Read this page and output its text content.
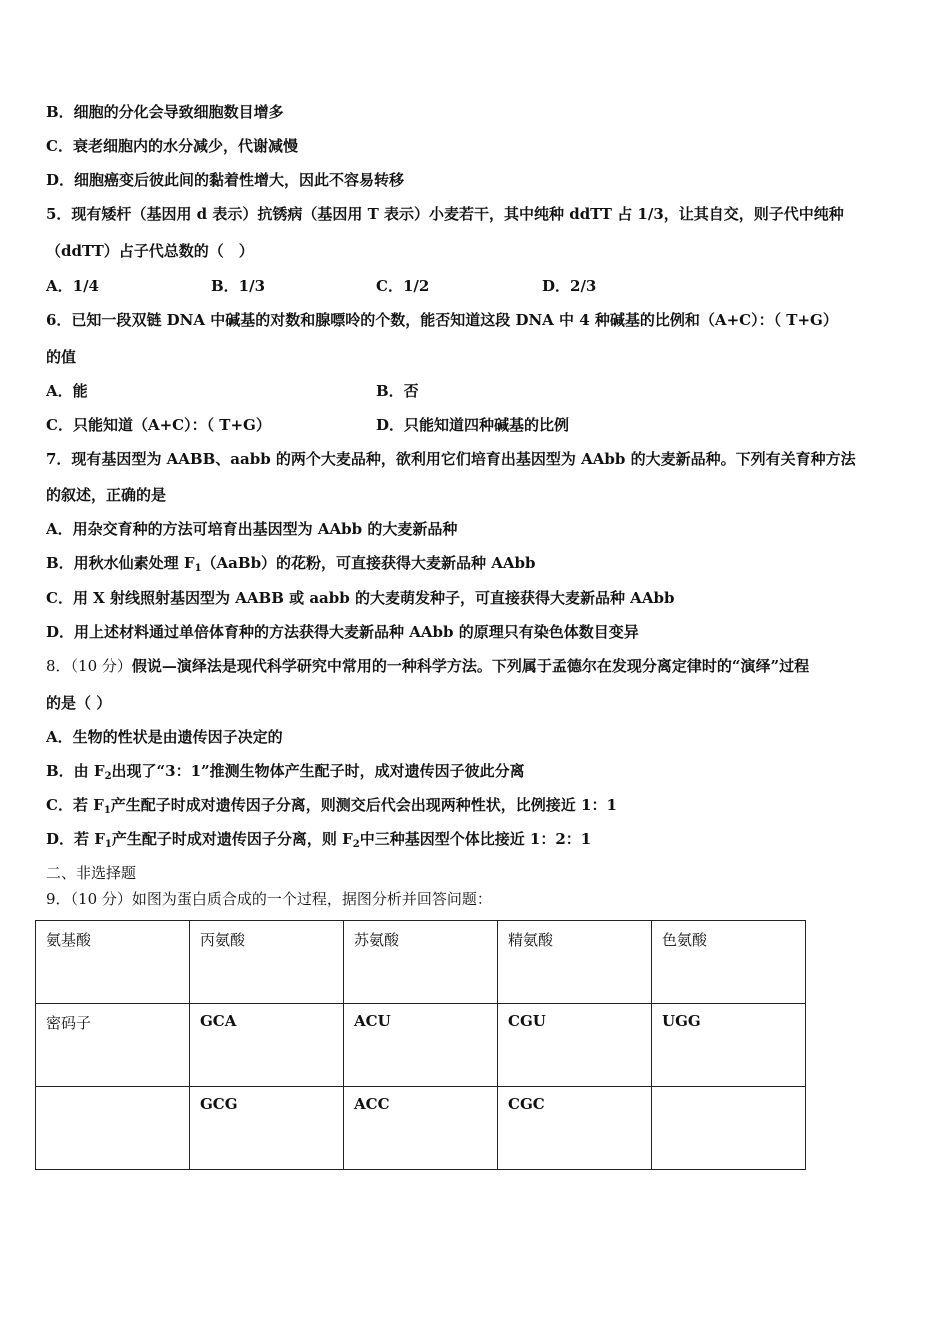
B．细胞的分化会导致细胞数目增多
C．衰老细胞内的水分减少，代谢减慢
D．细胞癌变后彼此间的黏着性增大，因此不容易转移
5．现有矮杆（基因用 d 表示）抗锈病（基因用 T 表示）小麦若干，其中纯种 ddTT 占 1/3，让其自交，则子代中纯种
（ddTT）占子代总数的（　）
A．1/4	B．1/3	C．1/2	D．2/3
6．已知一段双链 DNA 中碱基的对数和腺嘌呤的个数，能否知道这段 DNA 中 4 种碱基的比例和（A+C）：（ T+G）
的值
A．能	B．否
C．只能知道（A+C）：（ T+G）	D．只能知道四种碱基的比例
7．现有基因型为 AABB、aabb 的两个大麦品种，欲利用它们培育出基因型为 AAbb 的大麦新品种。下列有关育种方法
的叙述，正确的是
A．用杂交育种的方法可培育出基因型为 AAbb 的大麦新品种
B．用秋水仙素处理 $F_1(AaBb)$的花粉，可直接获得大麦新品种 AAbb
C．用 X 射线照射基因型为 AABB 或 aabb 的大麦萌发种子，可直接获得大麦新品种 AAbb
D．用上述材料通过单倍体育种的方法获得大麦新品种 AAbb 的原理只有染色体数目变异
8．（10 分）假说—演绎法是现代科学研究中常用的一种科学方法。下列属于孟德尔在发现分离定律时的“演绎”过程
的是（ ）
A．生物的性状是由遗传因子决定的
B．由 $F_2$出现了“3：1”推测生物体产生配子时，成对遗传因子彼此分离
C．若 $F_1$产生配子时成对遗传因子分离，则测交后代会出现两种性状，比例接近 1：1
D．若 $F_1$产生配子时成对遗传因子分离，则 $F_2$中三种基因型个体比接近 1：2：1
二、非选择题
9．（10 分）如图为蛋白质合成的一个过程，据图分析并回答问题：
氨基酸	丙氨酸	苏氨酸	精氨酸	色氨酸
密码子	GCA	ACU	CGU	UGG
	GCG	ACC	CGC	
